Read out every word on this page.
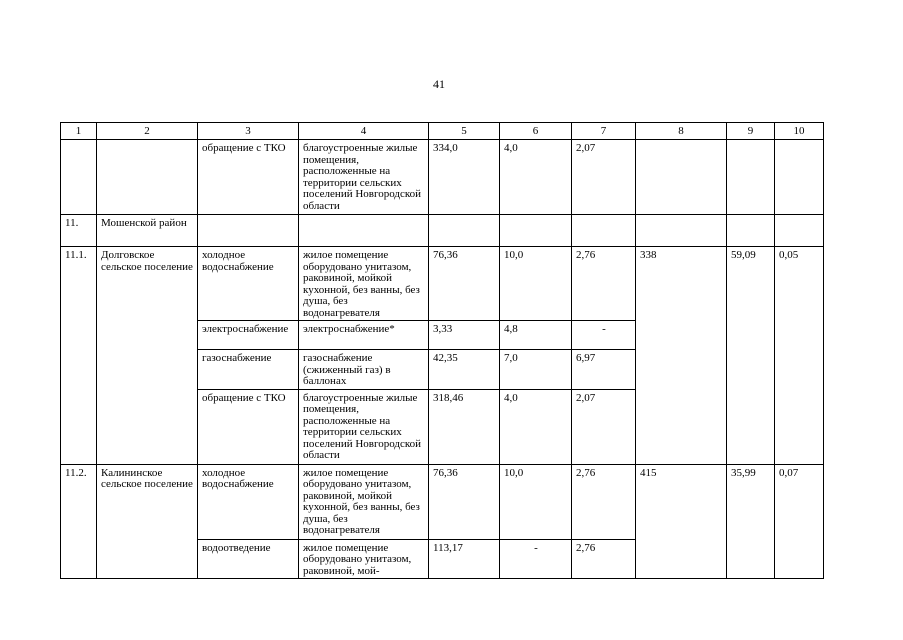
41
1	2	3	4	5	6	7	8	9	10
		обращение с ТКО	благоустроенные жилые помещения, расположенные на территории сельских поселений Новгородской области	334,0	4,0	2,07			
11.	Мошенской район								
11.1.	Долговское сельское поселение	холодное водоснабжение	жилое помещение оборудовано унитазом, раковиной, мойкой кухонной, без ванны, без душа, без водонагревателя	76,36	10,0	2,76	338	59,09	0,05
		электроснабжение	электроснабжение*	3,33	4,8	-			
		газоснабжение	газоснабжение (сжиженный газ) в баллонах	42,35	7,0	6,97			
		обращение с ТКО	благоустроенные жилые помещения, расположенные на территории сельских поселений Новгородской области	318,46	4,0	2,07			
11.2.	Калининское сельское поселение	холодное водоснабжение	жилое помещение оборудовано унитазом, раковиной, мойкой кухонной, без ванны, без душа, без водонагревателя	76,36	10,0	2,76	415	35,99	0,07
		водоотведение	жилое помещение оборудовано унитазом, раковиной, мой-	113,17	-	2,76			
